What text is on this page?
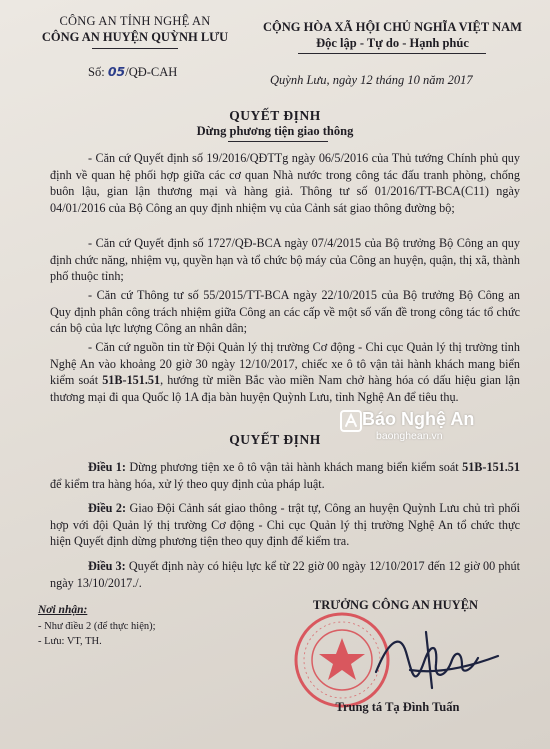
CÔNG AN TỈNH NGHỆ AN
CÔNG AN HUYỆN QUỲNH LƯU
CỘNG HÒA XÃ HỘI CHỦ NGHĨA VIỆT NAM
Độc lập - Tự do - Hạnh phúc
Số: 05/QĐ-CAH
Quỳnh Lưu, ngày 12 tháng 10 năm 2017
QUYẾT ĐỊNH
Dừng phương tiện giao thông
- Căn cứ Quyết định số 19/2016/QĐTTg ngày 06/5/2016 của Thủ tướng Chính phủ quy định về quan hệ phối hợp giữa các cơ quan Nhà nước trong công tác đấu tranh phòng, chống buôn lậu, gian lận thương mại và hàng giả. Thông tư số 01/2016/TT-BCA(C11) ngày 04/01/2016 của Bộ Công an quy định nhiệm vụ của Cảnh sát giao thông đường bộ;
- Căn cứ Quyết định số 1727/QĐ-BCA ngày 07/4/2015 của Bộ trưởng Bộ Công an quy định chức năng, nhiệm vụ, quyền hạn và tổ chức bộ máy của Công an huyện, quận, thị xã, thành phố thuộc tỉnh;
- Căn cứ Thông tư số 55/2015/TT-BCA ngày 22/10/2015 của Bộ trưởng Bộ Công an Quy định phân công trách nhiệm giữa Công an các cấp về một số vấn đề trong công tác tổ chức cán bộ của lực lượng Công an nhân dân;
- Căn cứ nguồn tin từ Đội Quản lý thị trường Cơ động - Chi cục Quản lý thị trường tỉnh Nghệ An vào khoảng 20 giờ 30 ngày 12/10/2017, chiếc xe ô tô vận tải hành khách mang biển kiểm soát 51B-151.51, hướng từ miền Bắc vào miền Nam chở hàng hóa có dấu hiệu gian lận thương mại đi qua Quốc lộ 1A địa bàn huyện Quỳnh Lưu, tỉnh Nghệ An để tiêu thụ.
QUYẾT ĐỊNH
Điều 1: Dừng phương tiện xe ô tô vận tải hành khách mang biển kiểm soát 51B-151.51 để kiểm tra hàng hóa, xử lý theo quy định của pháp luật.
Điều 2: Giao Đội Cảnh sát giao thông - trật tự, Công an huyện Quỳnh Lưu chủ trì phối hợp với đội Quản lý thị trường Cơ động - Chi cục Quản lý thị trường Nghệ An tổ chức thực hiện Quyết định dừng phương tiện theo quy định để kiểm tra.
Điều 3: Quyết định này có hiệu lực kể từ 22 giờ 00 ngày 12/10/2017 đến 12 giờ 00 phút ngày 13/10/2017./.
Nơi nhận:
- Như điều 2 (để thực hiện);
- Lưu: VT, TH.
TRƯỞNG CÔNG AN HUYỆN
Trung tá Tạ Đình Tuấn
Báo Nghệ An
baonghean.vn
